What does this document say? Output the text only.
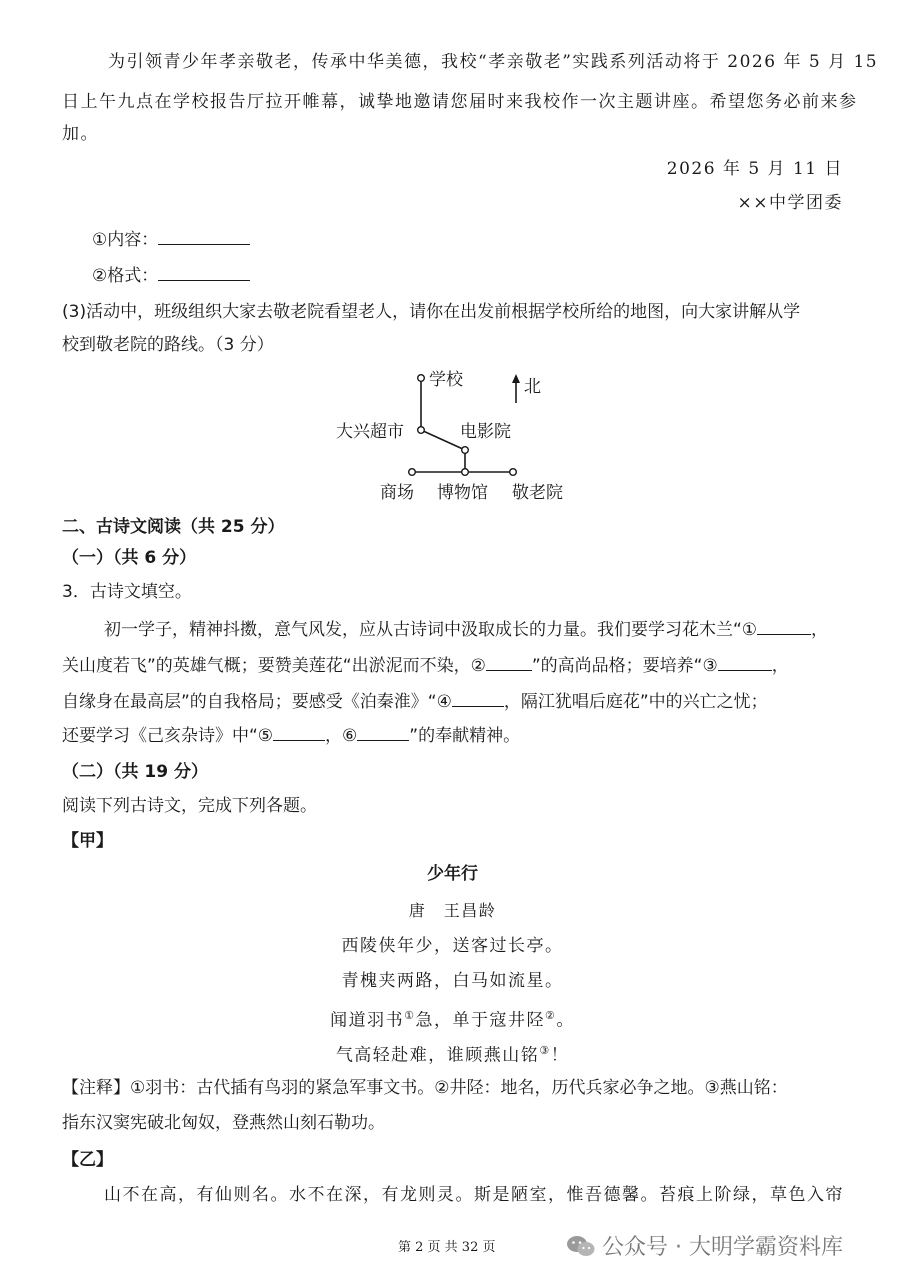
为引领青少年孝亲敬老，传承中华美德，我校“孝亲敬老”实践系列活动将于 2026 年 5 月 15
日上午九点在学校报告厅拉开帷幕，诚挚地邀请您届时来我校作一次主题讲座。希望您务必前来参
加。
2026 年 5 月 11 日
××中学团委
①内容：
②格式：
(3)活动中，班级组织大家去敬老院看望老人，请你在出发前根据学校所给的地图，向大家讲解从学
校到敬老院的路线。（3 分）
学校	北
大兴超市	电影院
商场 博物馆 敬老院
二、古诗文阅读（共 25 分）
（一）（共 6 分）
3．古诗文填空。
初一学子，精神抖擞，意气风发，应从古诗词中汲取成长的力量。我们要学习花木兰“①	，
关山度若飞”的英雄气概；要赞美莲花“出淤泥而不染，②	”的高尚品格；要培养“③	，
自缘身在最高层”的自我格局；要感受《泊秦淮》“④	，隔江犹唱后庭花”中的兴亡之忧；
还要学习《己亥杂诗》中“⑤	，⑥	”的奉献精神。
（二）（共 19 分）
阅读下列古诗文，完成下列各题。
【甲】
少年行
唐　王昌龄
西陵侠年少，送客过长亭。
青槐夹两路，白马如流星。
闻道羽书①急，单于寇井陉②。
气高轻赴难，谁顾燕山铭③！
【注释】①羽书：古代插有鸟羽的紧急军事文书。②井陉：地名，历代兵家必争之地。③燕山铭：
指东汉窦宪破北匈奴，登燕然山刻石勒功。
【乙】
山不在高，有仙则名。水不在深，有龙则灵。斯是陋室，惟吾德馨。苔痕上阶绿，草色入帘
第 2 页 共 32 页	公众号 · 大明学霸资料库
